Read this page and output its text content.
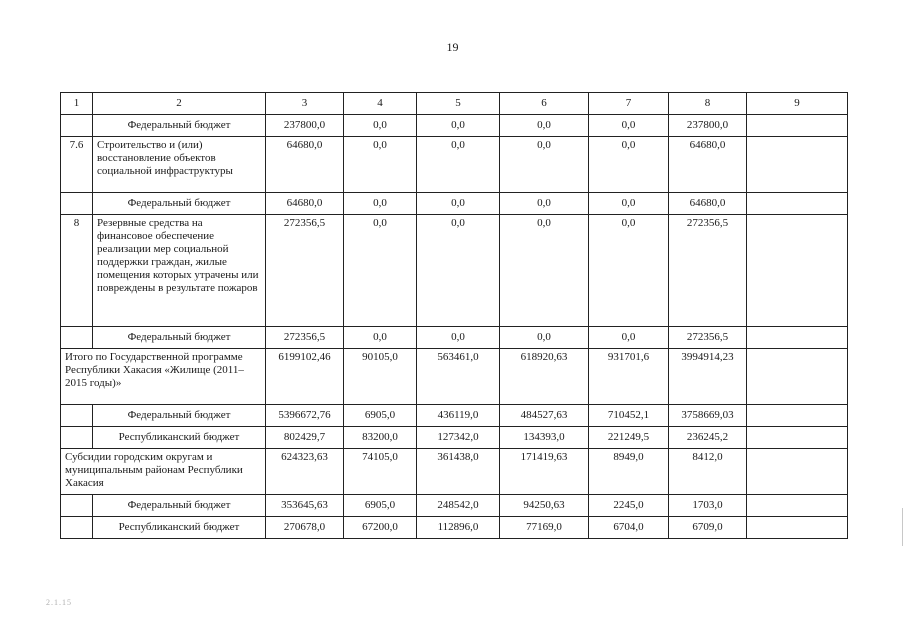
19
1	2	3	4	5	6	7	8	9
	Федеральный бюджет	237800,0	0,0	0,0	0,0	0,0	237800,0	
7.6	Строительство и (или) восстановление объектов социальной инфраструктуры	64680,0	0,0	0,0	0,0	0,0	64680,0	
	Федеральный бюджет	64680,0	0,0	0,0	0,0	0,0	64680,0	
8	Резервные средства на финансовое обеспечение реализации мер социальной поддержки граждан, жилые помещения которых утрачены или повреждены в результате пожаров	272356,5	0,0	0,0	0,0	0,0	272356,5	
	Федеральный бюджет	272356,5	0,0	0,0	0,0	0,0	272356,5	
Итого по Государственной программе Республики Хакасия «Жилище (2011–2015 годы)»		6199102,46	90105,0	563461,0	618920,63	931701,6	3994914,23	
	Федеральный бюджет	5396672,76	6905,0	436119,0	484527,63	710452,1	3758669,03	
	Республиканский бюджет	802429,7	83200,0	127342,0	134393,0	221249,5	236245,2	
Субсидии городским округам и муниципальным районам Республики Хакасия		624323,63	74105,0	361438,0	171419,63	8949,0	8412,0	
	Федеральный бюджет	353645,63	6905,0	248542,0	94250,63	2245,0	1703,0	
	Республиканский бюджет	270678,0	67200,0	112896,0	77169,0	6704,0	6709,0	
2.1.15
